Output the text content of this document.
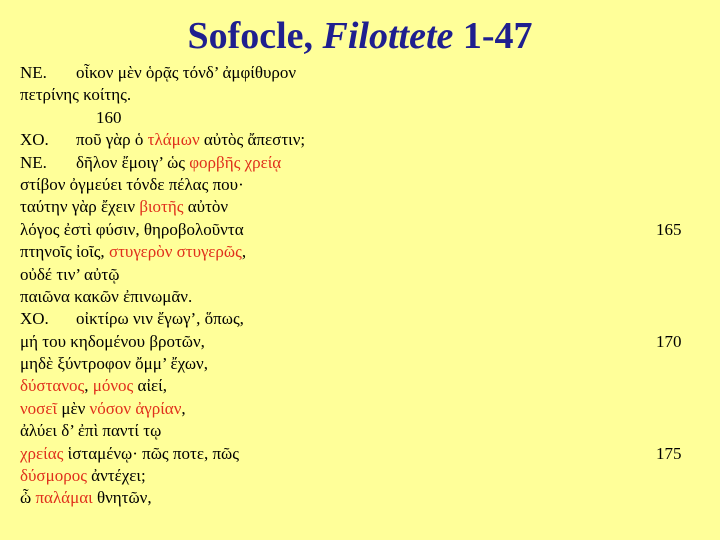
Sofocle, Filottete 1-47
ΝΕ. οἶκον μὲν ὁρᾷς τόνδ’ ἀμφίθυρον
πετρίνης κοίτης.
160
ΧΟ. ποῦ γὰρ ὁ τλάμων αὐτὸς ἄπεστιν;
ΝΕ. δῆλον ἔμοιγ’ ὡς φορβῆς χρείᾳ
στίβον ὀγμεύει τόνδε πέλας που·
ταύτην γὰρ ἔχειν βιοτῆς αὐτὸν
λόγος ἐστὶ φύσιν, θηροβολοῦντα	165
πτηνοῖς ἰοῖς, στυγερὸν στυγερῶς,
οὐδέ τιν’ αὐτῷ
παιῶνα κακῶν ἐπινωμᾶν.
ΧΟ. οἰκτίρω νιν ἔγωγ’, ὅπως,
μή του κηδομένου βροτῶν,	170
μηδὲ ξύντροφον ὄμμ’ ἔχων,
δύστανος, μόνος αἰεί,
νοσεῖ μὲν νόσον ἀγρίαν,
ἀλύει δ’ ἐπὶ παντί τῳ
χρείας ἱσταμένῳ· πῶς ποτε, πῶς	175
δύσμορος ἀντέχει;
ὦ παλάμαι θνητῶν,
